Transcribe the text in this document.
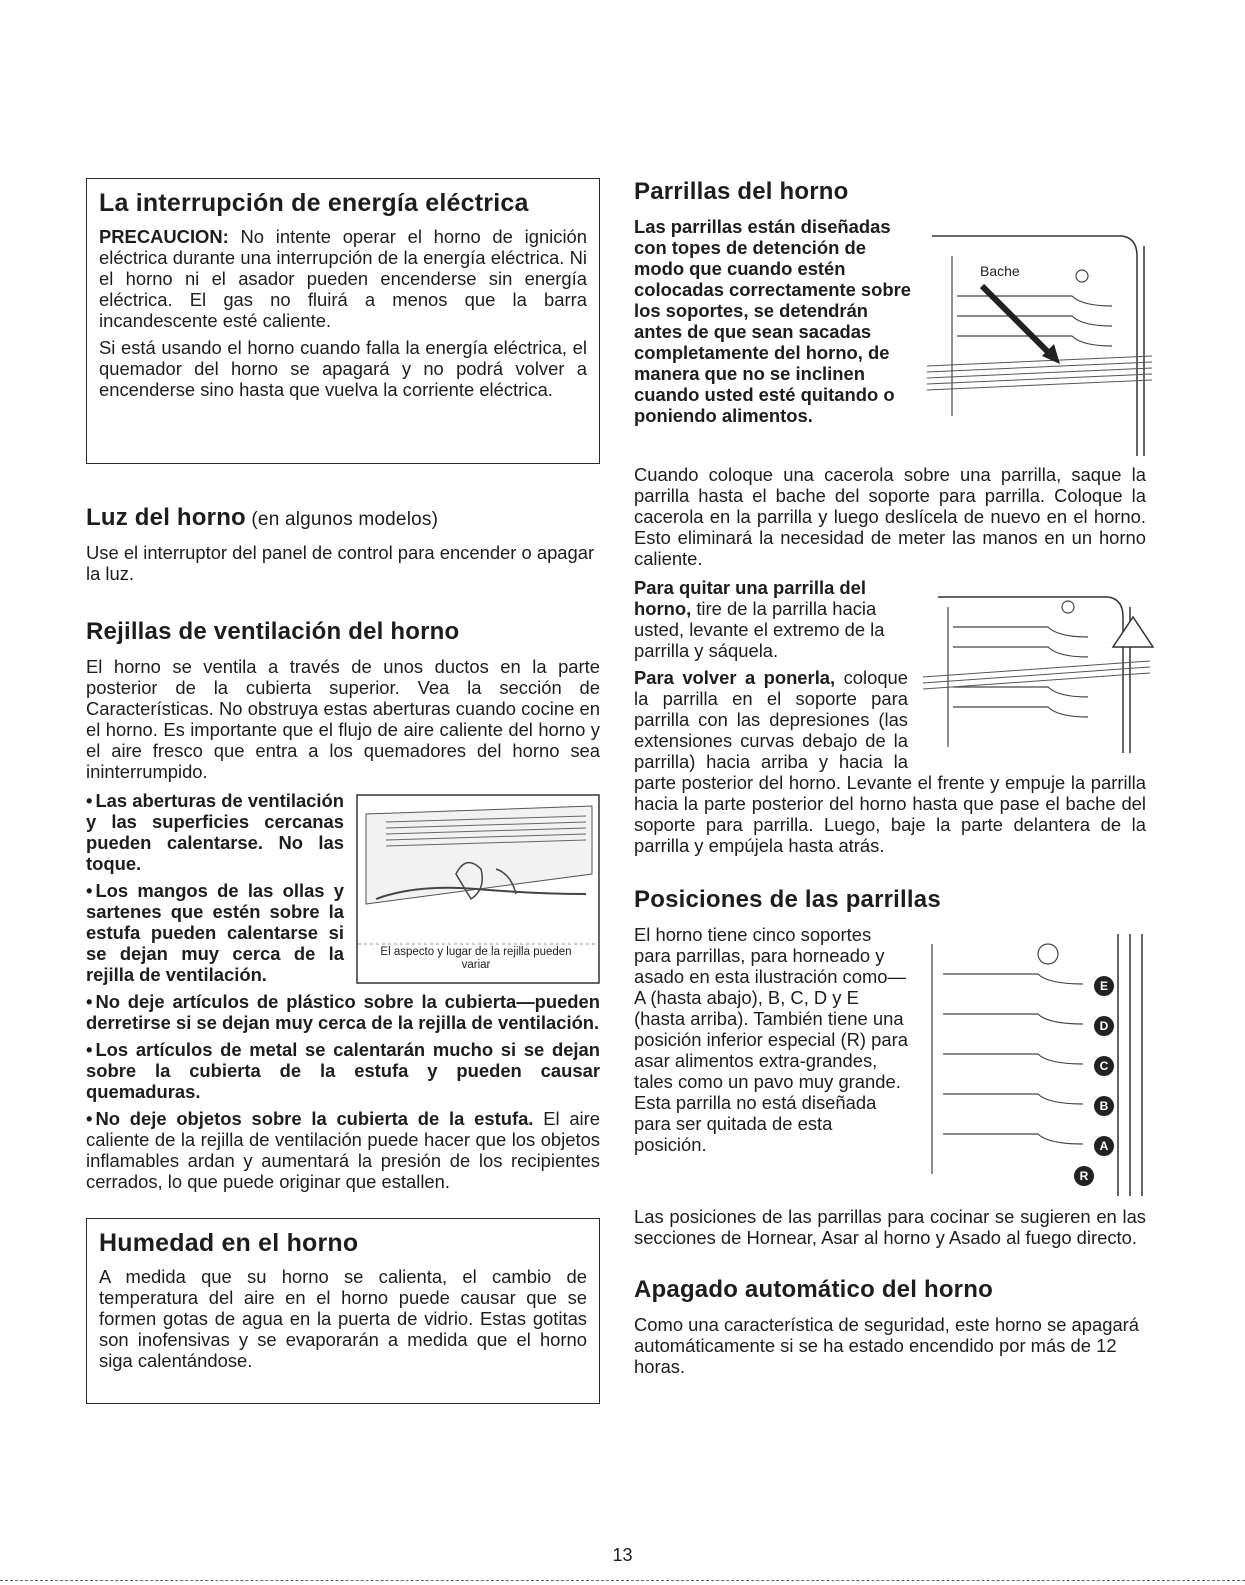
La interrupción de energía eléctrica

PRECAUCION: No intente operar el horno de ignición eléctrica durante una interrupción de la energía eléctrica. Ni el horno ni el asador pueden encenderse sin energía eléctrica. El gas no fluirá a menos que la barra incandescente esté caliente.

Si está usando el horno cuando falla la energía eléctrica, el quemador del horno se apagará y no podrá volver a encenderse sino hasta que vuelva la corriente eléctrica.

Luz del horno (en algunos modelos)

Use el interruptor del panel de control para encender o apagar la luz.

Rejillas de ventilación del horno

El horno se ventila a través de unos ductos en la parte posterior de la cubierta superior. Vea la sección de Características. No obstruya estas aberturas cuando cocine en el horno. Es importante que el flujo de aire caliente del horno y el aire fresco que entra a los quemadores del horno sea ininterrumpido.

El aspecto y lugar de la rejilla pueden variar
• Las aberturas de ventilación y las superficies cercanas pueden calentarse. No las toque.
• Los mangos de las ollas y sartenes que estén sobre la estufa pueden calentarse si se dejan muy cerca de la rejilla de ventilación.
• No deje artículos de plástico sobre la cubierta—pueden derretirse si se dejan muy cerca de la rejilla de ventilación.
• Los artículos de metal se calentarán mucho si se dejan sobre la cubierta de la estufa y pueden causar quemaduras.
• No deje objetos sobre la cubierta de la estufa. El aire caliente de la rejilla de ventilación puede hacer que los objetos inflamables ardan y aumentará la presión de los recipientes cerrados, lo que puede originar que estallen.
Humedad en el horno

A medida que su horno se calienta, el cambio de temperatura del aire en el horno puede causar que se formen gotas de agua en la puerta de vidrio. Estas gotitas son inofensivas y se evaporarán a medida que el horno siga calentándose.

Parrillas del horno
Bache

Las parrillas están diseñadas con topes de detención de modo que cuando estén colocadas correctamente sobre los soportes, se detendrán antes de que sean sacadas completamente del horno, de manera que no se inclinen cuando usted esté quitando o poniendo alimentos.

Cuando coloque una cacerola sobre una parrilla, saque la parrilla hasta el bache del soporte para parrilla. Coloque la cacerola en la parrilla y luego deslícela de nuevo en el horno. Esto eliminará la necesidad de meter las manos en un horno caliente.

Para quitar una parrilla del horno, tire de la parrilla hacia usted, levante el extremo de la parrilla y sáquela.

Para volver a ponerla, coloque la parrilla en el soporte para parrilla con las depresiones (las extensiones curvas debajo de la parrilla) hacia arriba y hacia la parte posterior del horno. Levante el frente y empuje la parrilla hacia la parte posterior del horno hasta que pase el bache del soporte para parrilla. Luego, baje la parte delantera de la parrilla y empújela hasta atrás.

Posiciones de las parrillas
E
D
C
B
A
R

El horno tiene cinco soportes para parrillas, para horneado y asado en esta ilustración como—A (hasta abajo), B, C, D y E (hasta arriba). También tiene una posición inferior especial (R) para asar alimentos extra-grandes, tales como un pavo muy grande. Esta parrilla no está diseñada para ser quitada de esta posición.

Las posiciones de las parrillas para cocinar se sugieren en las secciones de Hornear, Asar al horno y Asado al fuego directo.

Apagado automático del horno

Como una característica de seguridad, este horno se apagará automáticamente si se ha estado encendido por más de 12 horas.

13
